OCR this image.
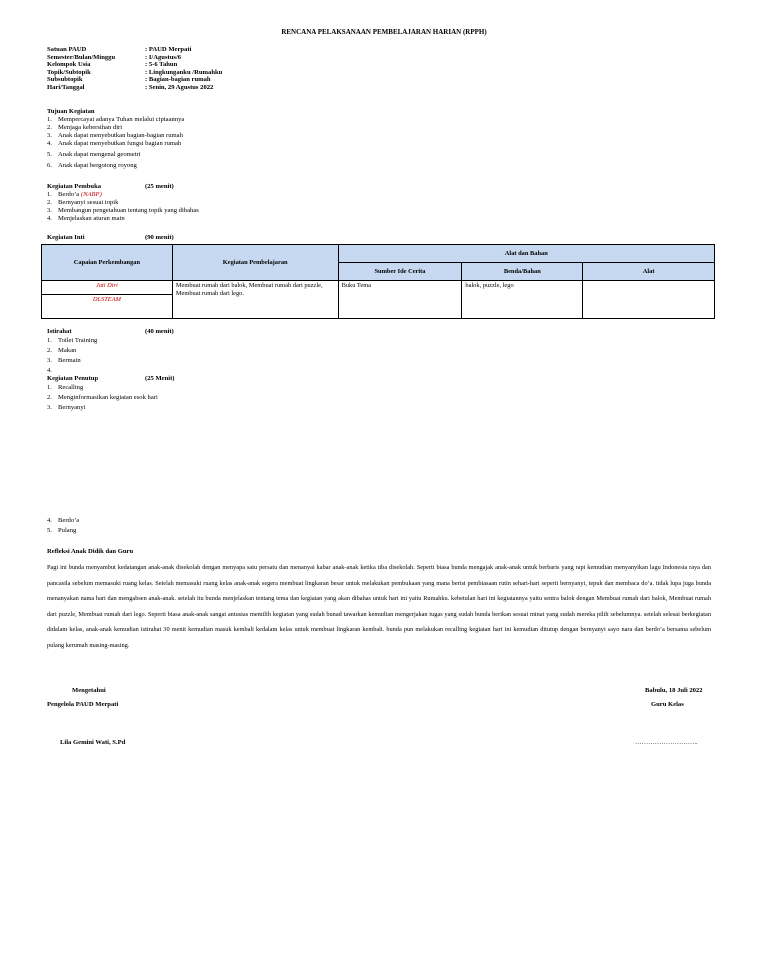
RENCANA PELAKSANAAN PEMBELAJARAN HARIAN (RPPH)
Satuan PAUD	: PAUD Merpati
Semester/Bulan/Minggu	: I/Agustus/6
Kelompok Usia	: 5-6 Tahun
Topik/Subtopik	: Lingkunganku /Rumahku
Subsubtopik	: Bagian-bagian rumah
Hari/Tanggal	: Senin, 29 Agustus 2022
Tujuan Kegiatan
1. Mempercayai adanya Tuhan melalui ciptaannya
2. Menjaga kebersihan diri
3. Anak dapat menyebutkan bagian-bagian rumah
4. Anak dapat menyebutkan fungsi bagian rumah
5. Anak dapat mengenal geometri
6. Anak dapat bergotong royong
Kegiatan Pembuka	(25 menit)
1. Berdo’a
(NABP)
2. Bernyanyi sesuai topik
3. Membangun pengetahuan tentang topik yang dibahas
4. Menjelaskan aturan main
Kegiatan Inti	(90 menit)
Capaian Perkembangan	Kegiatan Pembelajaran	Alat dan Bahan		
		Sumber Ide Cerita	Benda/Bahan	Alat

Jati Diri
DLSTEAM	Membuat rumah dari balok, Membuat rumah dari puzzle, Membuat rumah dari lego.	Buku Tema	balok, puzzle, lego	
Istirahat	(40 menit)
1. Toilet Training
2. Makan
3. Bermain
4.
Kegiatan Penutup	(25 Menit)
1. Recalling
2. Menginformasikan kegiatan esok hari
3. Bernyanyi
4. Berdo’a
5. Pulang
Refleksi Anak Didik dan Guru
Pagi ini bunda menyambut kedatangan anak-anak disekolah dengan menyapa satu persatu dan menanyai kabar anak-anak ketika tiba disekolah. Seperti biasa bunda mengajak anak-anak untuk berbaris yang rapi kemudian menyanyikan lagu Indonesia raya dan pancasila sebelum memasuki ruang kelas. Setelah memasuki ruang kelas anak-anak segera membuat lingkaran besar untuk melakukan pembukaan yang mana berisi pembiasaan rutin sehari-hari seperti bernyanyi, tepuk dan membaca do’a. tidak lupa juga bunda menanyakan nama hari dan mengabsen anak-anak. setelah itu bunda menjelaskan tentang tema dan kegiatan yang akan dibahas untuk hari ini yaitu Rumahku. kebetulan hari ini kegiatannya yaitu sentra balok dengan Membuat rumah dari balok, Membuat rumah dari puzzle, Membuat rumah dari lego. Seperti biasa anak-anak sangat antusias memilih kegiatan yang sudah bunad tawarkan kemudian mengerjakan tugas yang sudah bunda berikan sesuai minat yang sudah mereka pilih sebelumnya. setelah selesai berkegiatan didalam kelas, anak-anak kemudian istirahat 30 menit kemudian masuk kembali kedalam kelas untuk membuat lingkaran kembali. bunda pun melakukan recalling kegiatan hari ini kemudian ditutup dengan bernyanyi sayo nara dan berdo’a bersama sebelum pulang kerumah masing-masing.
Mengetahui
Pengelola PAUD Merpati
Lila Gemini Wati, S.Pd
Babulu, 18 Juli 2022
Guru Kelas
………………………..
